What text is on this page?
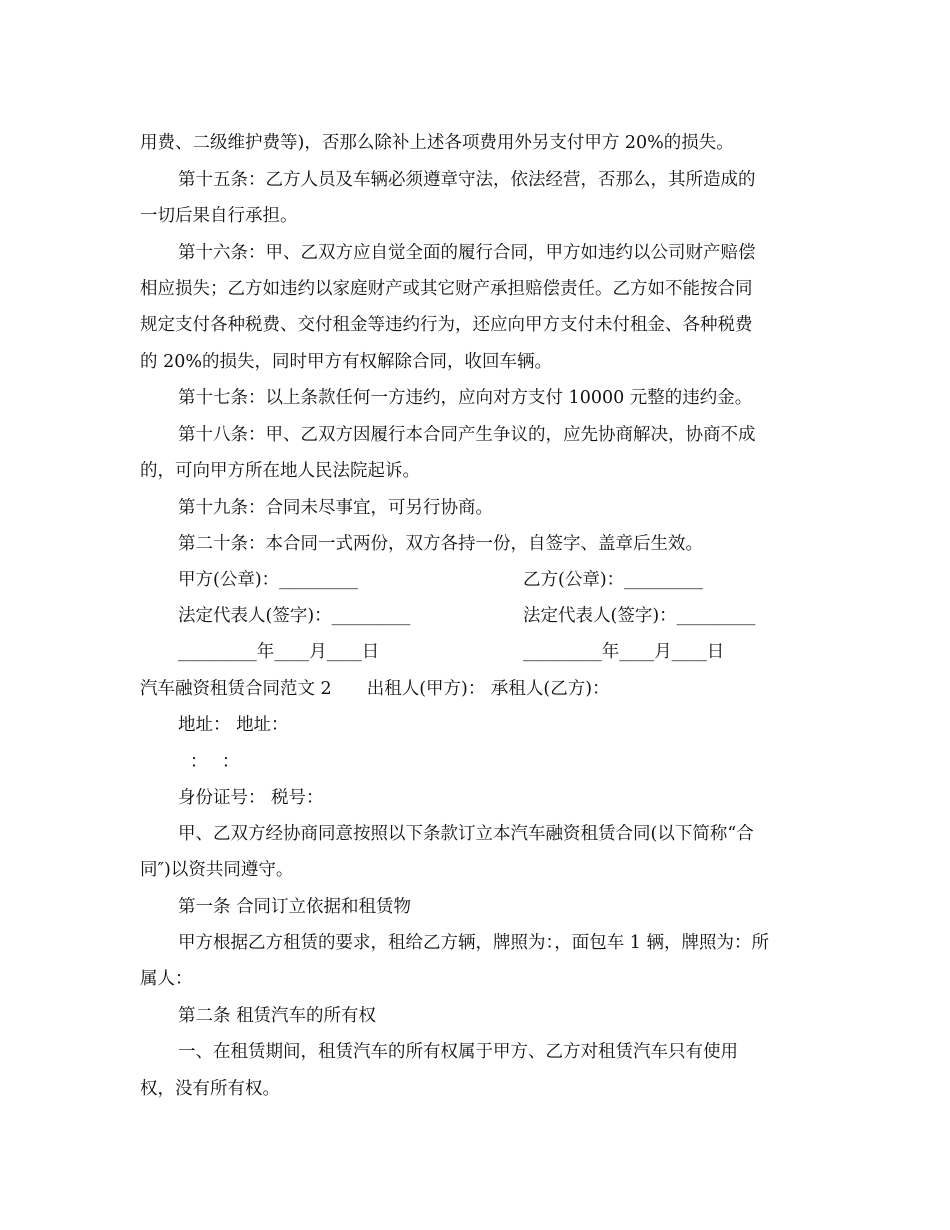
用费、二级维护费等)，否那么除补上述各项费用外另支付甲方 20%的损失。
第十五条：乙方人员及车辆必须遵章守法，依法经营，否那么，其所造成的
一切后果自行承担。
第十六条：甲、乙双方应自觉全面的履行合同，甲方如违约以公司财产赔偿
相应损失；乙方如违约以家庭财产或其它财产承担赔偿责任。乙方如不能按合同
规定支付各种税费、交付租金等违约行为，还应向甲方支付未付租金、各种税费
的 20%的损失，同时甲方有权解除合同，收回车辆。
第十七条：以上条款任何一方违约，应向对方支付 10000 元整的违约金。
第十八条：甲、乙双方因履行本合同产生争议的，应先协商解决，协商不成
的，可向甲方所在地人民法院起诉。
第十九条：合同未尽事宜，可另行协商。
第二十条：本合同一式两份，双方各持一份，自签字、盖章后生效。
甲方(公章)：_________	乙方(公章)：_________
法定代表人(签字)：_________	法定代表人(签字)：_________
_________年____月____日	_________年____月____日
汽车融资租赁合同范文 2　　出租人(甲方)： 承租人(乙方)：
地址： 地址：
：　 ：
身份证号： 税号：
甲、乙双方经协商同意按照以下条款订立本汽车融资租赁合同(以下简称“合
同″)以资共同遵守。
第一条 合同订立依据和租赁物
甲方根据乙方租赁的要求，租给乙方辆，牌照为：，面包车 1 辆，牌照为：所
属人：
第二条 租赁汽车的所有权
一、在租赁期间，租赁汽车的所有权属于甲方、乙方对租赁汽车只有使用
权，没有所有权。
